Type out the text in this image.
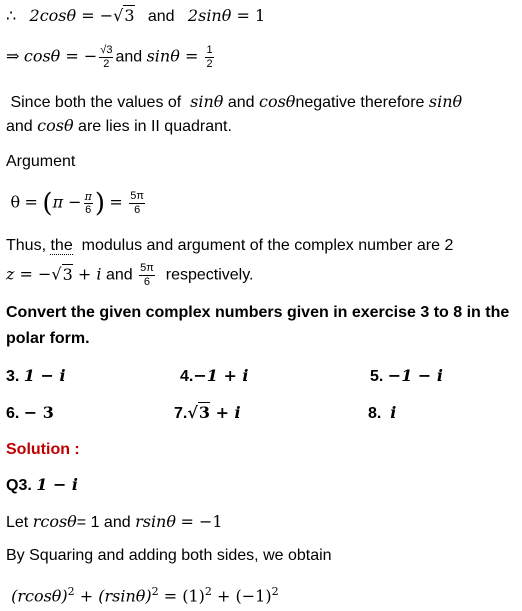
∴ 2cosθ = −√3 and 2sinθ = 1
⇒ cosθ = − $\frac{√3}{2}$ and $\sin\theta = \frac{1}{2}$
Since both the values of sinθ and cosθnegative therefore sinθ
and cosθ are lies in II quadrant.
Argument
$\theta = (\pi - \frac{\pi}{6}$ ) = $\frac{5\pi}{6}$
Thus, the modulus and argument of the complex number are 2
z = −√3 + i and $\frac{5\pi}{6}$ respectively.
Convert the given complex numbers given in exercise 3 to 8 in the
polar form.
3. 1 − i	4.−1 + i	5. −1 − i
6. − 3	7.√3 + i	8. i
Solution :
Q3. 1 − i
Let rcosθ= 1 and rsinθ = −1
By Squaring and adding both sides, we obtain
$(rcos\theta)^2 + (rsin\theta)^2 = (1)^2 + (-1)^2$
